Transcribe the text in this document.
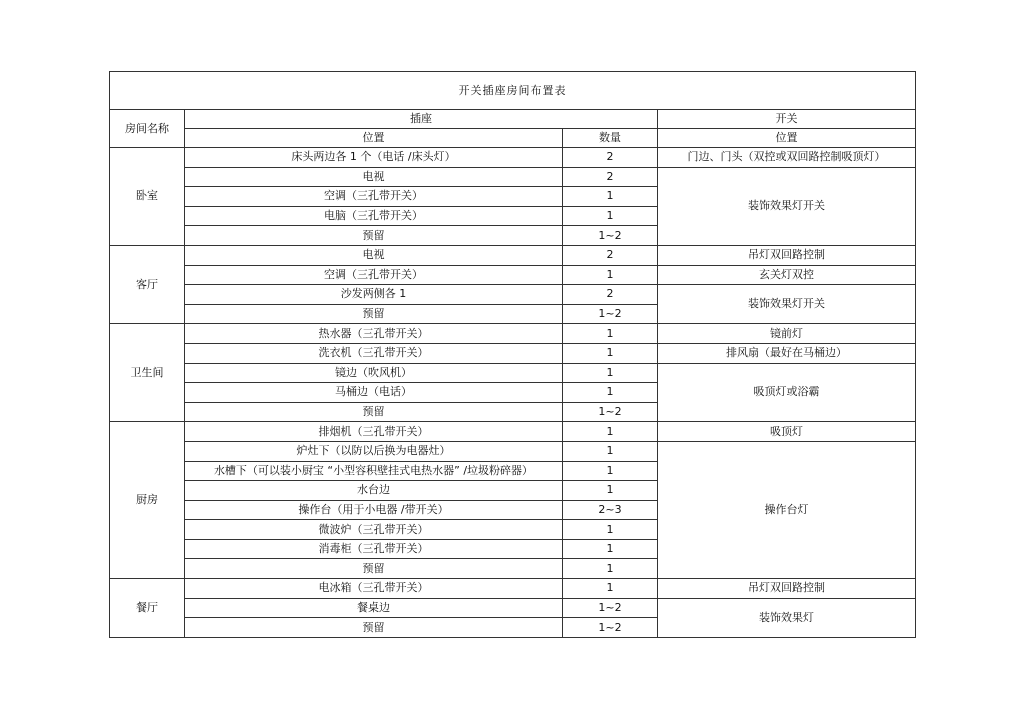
开关插座房间布置表			
房间名称	插座		开关
	位置	数量	位置
卧室	床头两边各 1 个（电话 /床头灯）	2	门边、门头（双控或双回路控制吸顶灯）
	电视	2	装饰效果灯开关
	空调（三孔带开关）	1	
	电脑（三孔带开关）	1	
	预留	1~2	
客厅	电视	2	吊灯双回路控制
	空调（三孔带开关）	1	玄关灯双控
	沙发两侧各 1	2	装饰效果灯开关
	预留	1~2	
卫生间	热水器（三孔带开关）	1	镜前灯
	洗衣机（三孔带开关）	1	排风扇（最好在马桶边）
	镜边（吹风机）	1	吸顶灯或浴霸
	马桶边（电话）	1	
	预留	1~2	
厨房	排烟机（三孔带开关）	1	吸顶灯
	炉灶下（以防以后换为电器灶）	1	操作台灯
	水槽下（可以装小厨宝 “小型容积壁挂式电热水器” /垃圾粉碎器）	1	
	水台边	1	
	操作台（用于小电器 /带开关）	2~3	
	微波炉（三孔带开关）	1	
	消毒柜（三孔带开关）	1	
	预留	1	
餐厅	电冰箱（三孔带开关）	1	吊灯双回路控制
	餐桌边	1~2	装饰效果灯
	预留	1~2	
